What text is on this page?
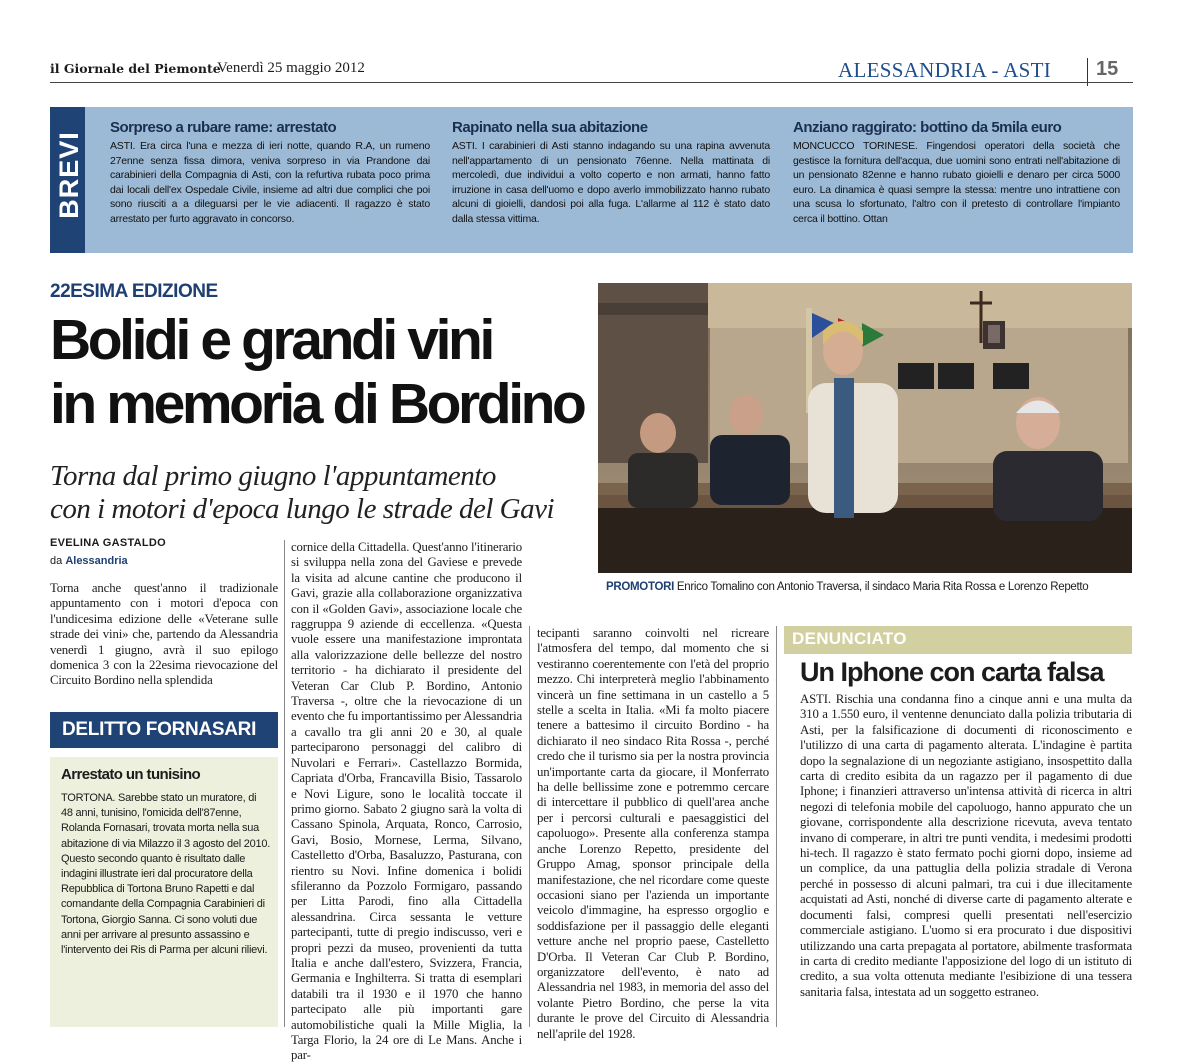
il Giornale del Piemonte
Venerdì 25 maggio 2012	ALESSANDRIA - ASTI 15
BREVI
Sorpreso a rubare rame: arrestato
ASTI. Era circa l'una e mezza di ieri notte, quando R.A, un rumeno 27enne senza fissa dimora, veniva sorpreso in via Prandone dai carabinieri della Compagnia di Asti, con la refurtiva rubata poco prima dai locali dell'ex Ospedale Civile, insieme ad altri due complici che poi sono riusciti a a dileguarsi per le vie adiacenti. Il ragazzo è stato arrestato per furto aggravato in concorso.
Rapinato nella sua abitazione
ASTI. I carabinieri di Asti stanno indagando su una rapina avvenuta nell'appartamento di un pensionato 76enne. Nella mattinata di mercoledì, due individui a volto coperto e non armati, hanno fatto irruzione in casa dell'uomo e dopo averlo immobilizzato hanno rubato alcuni di gioielli, dandosi poi alla fuga. L'allarme al 112 è stato dato dalla stessa vittima.
Anziano raggirato: bottino da 5mila euro
MONCUCCO TORINESE. Fingendosi operatori della società che gestisce la fornitura dell'acqua, due uomini sono entrati nell'abitazione di un pensionato 82enne e hanno rubato gioielli e denaro per circa 5000 euro. La dinamica è quasi sempre la stessa: mentre uno intrattiene con una scusa lo sfortunato, l'altro con il pretesto di controllare l'impianto cerca il bottino. Ottan
22ESIMA EDIZIONE
Bolidi e grandi vini
in memoria di Bordino
Torna dal primo giugno l'appuntamento
con i motori d'epoca lungo le strade del Gavi
EVELINA GASTALDO
da Alessandria
Torna anche quest'anno il tradizionale appuntamento con i motori d'epoca con l'undicesima edizione delle «Veterane sulle strade dei vini» che, partendo da Alessandria venerdì 1 giugno, avrà il suo epilogo domenica 3 con la 22esima rievocazione del Circuito Bordino nella splendida
cornice della Cittadella. Quest'anno l'itinerario si sviluppa nella zona del Gaviese e prevede la visita ad alcune cantine che producono il Gavi, grazie alla collaborazione organizzativa con il «Golden Gavi», associazione locale che raggruppa 9 aziende di eccellenza. «Questa vuole essere una manifestazione improntata alla valorizzazione delle bellezze del nostro territorio - ha dichiarato il presidente del Veteran Car Club P. Bordino, Antonio Traversa -, oltre che la rievocazione di un evento che fu importantissimo per Alessandria a cavallo tra gli anni 20 e 30, al quale parteciparono personaggi del calibro di Nuvolari e Ferrari». Castellazzo Bormida, Capriata d'Orba, Francavilla Bisio, Tassarolo e Novi Ligure, sono le località toccate il primo giorno. Sabato 2 giugno sarà la volta di Cassano Spinola, Arquata, Ronco, Carrosio, Gavi, Bosio, Mornese, Lerma, Silvano, Castelletto d'Orba, Basaluzzo, Pasturana, con rientro su Novi. Infine domenica i bolidi sfileranno da Pozzolo Formigaro, passando per Litta Parodi, fino alla Cittadella alessandrina. Circa sessanta le vetture partecipanti, tutte di pregio indiscusso, veri e propri pezzi da museo, provenienti da tutta Italia e anche dall'estero, Svizzera, Francia, Germania e Inghilterra. Si tratta di esemplari databili tra il 1930 e il 1970 che hanno partecipato alle più importanti gare automobilistiche quali la Mille Miglia, la Targa Florio, la 24 ore di Le Mans. Anche i par-
tecipanti saranno coinvolti nel ricreare l'atmosfera del tempo, dal momento che si vestiranno coerentemente con l'età del proprio mezzo. Chi interpreterà meglio l'abbinamento vincerà un fine settimana in un castello a 5 stelle a scelta in Italia. «Mi fa molto piacere tenere a battesimo il circuito Bordino - ha dichiarato il neo sindaco Rita Rossa -, perché credo che il turismo sia per la nostra provincia un'importante carta da giocare, il Monferrato ha delle bellissime zone e potremmo cercare di intercettare il pubblico di quell'area anche per i percorsi culturali e paesaggistici del capoluogo». Presente alla conferenza stampa anche Lorenzo Repetto, presidente del Gruppo Amag, sponsor principale della manifestazione, che nel ricordare come queste occasioni siano per l'azienda un importante veicolo d'immagine, ha espresso orgoglio e soddisfazione per il passaggio delle eleganti vetture anche nel proprio paese, Castelletto D'Orba. Il Veteran Car Club P. Bordino, organizzatore dell'evento, è nato ad Alessandria nel 1983, in memoria del asso del volante Pietro Bordino, che perse la vita durante le prove del Circuito di Alessandria nell'aprile del 1928.
PROMOTORI Enrico Tomalino con Antonio Traversa, il sindaco Maria Rita Rossa e Lorenzo Repetto
DELITTO FORNASARI
Arrestato un tunisino
TORTONA. Sarebbe stato un muratore, di 48 anni, tunisino, l'omicida dell'87enne, Rolanda Fornasari, trovata morta nella sua abitazione di via Milazzo il 3 agosto del 2010. Questo secondo quanto è risultato dalle indagini illustrate ieri dal procuratore della Repubblica di Tortona Bruno Rapetti e dal comandante della Compagnia Carabinieri di Tortona, Giorgio Sanna. Ci sono voluti due anni per arrivare al presunto assassino e l'intervento dei Ris di Parma per alcuni rilievi.
DENUNCIATO
Un Iphone con carta falsa
ASTI. Rischia una condanna fino a cinque anni e una multa da 310 a 1.550 euro, il ventenne denunciato dalla polizia tributaria di Asti, per la falsificazione di documenti di riconoscimento e l'utilizzo di una carta di pagamento alterata. L'indagine è partita dopo la segnalazione di un negoziante astigiano, insospettito dalla carta di credito esibita da un ragazzo per il pagamento di due Iphone; i finanzieri attraverso un'intensa attività di ricerca in altri negozi di telefonia mobile del capoluogo, hanno appurato che un giovane, corrispondente alla descrizione ricevuta, aveva tentato invano di comperare, in altri tre punti vendita, i medesimi prodotti hi-tech. Il ragazzo è stato fermato pochi giorni dopo, insieme ad un complice, da una pattuglia della polizia stradale di Verona perché in possesso di alcuni palmari, tra cui i due illecitamente acquistati ad Asti, nonché di diverse carte di pagamento alterate e documenti falsi, compresi quelli presentati nell'esercizio commerciale astigiano. L'uomo si era procurato i due dispositivi utilizzando una carta prepagata al portatore, abilmente trasformata in carta di credito mediante l'apposizione del logo di un istituto di credito, a sua volta ottenuta mediante l'esibizione di una tessera sanitaria falsa, intestata ad un soggetto estraneo.
